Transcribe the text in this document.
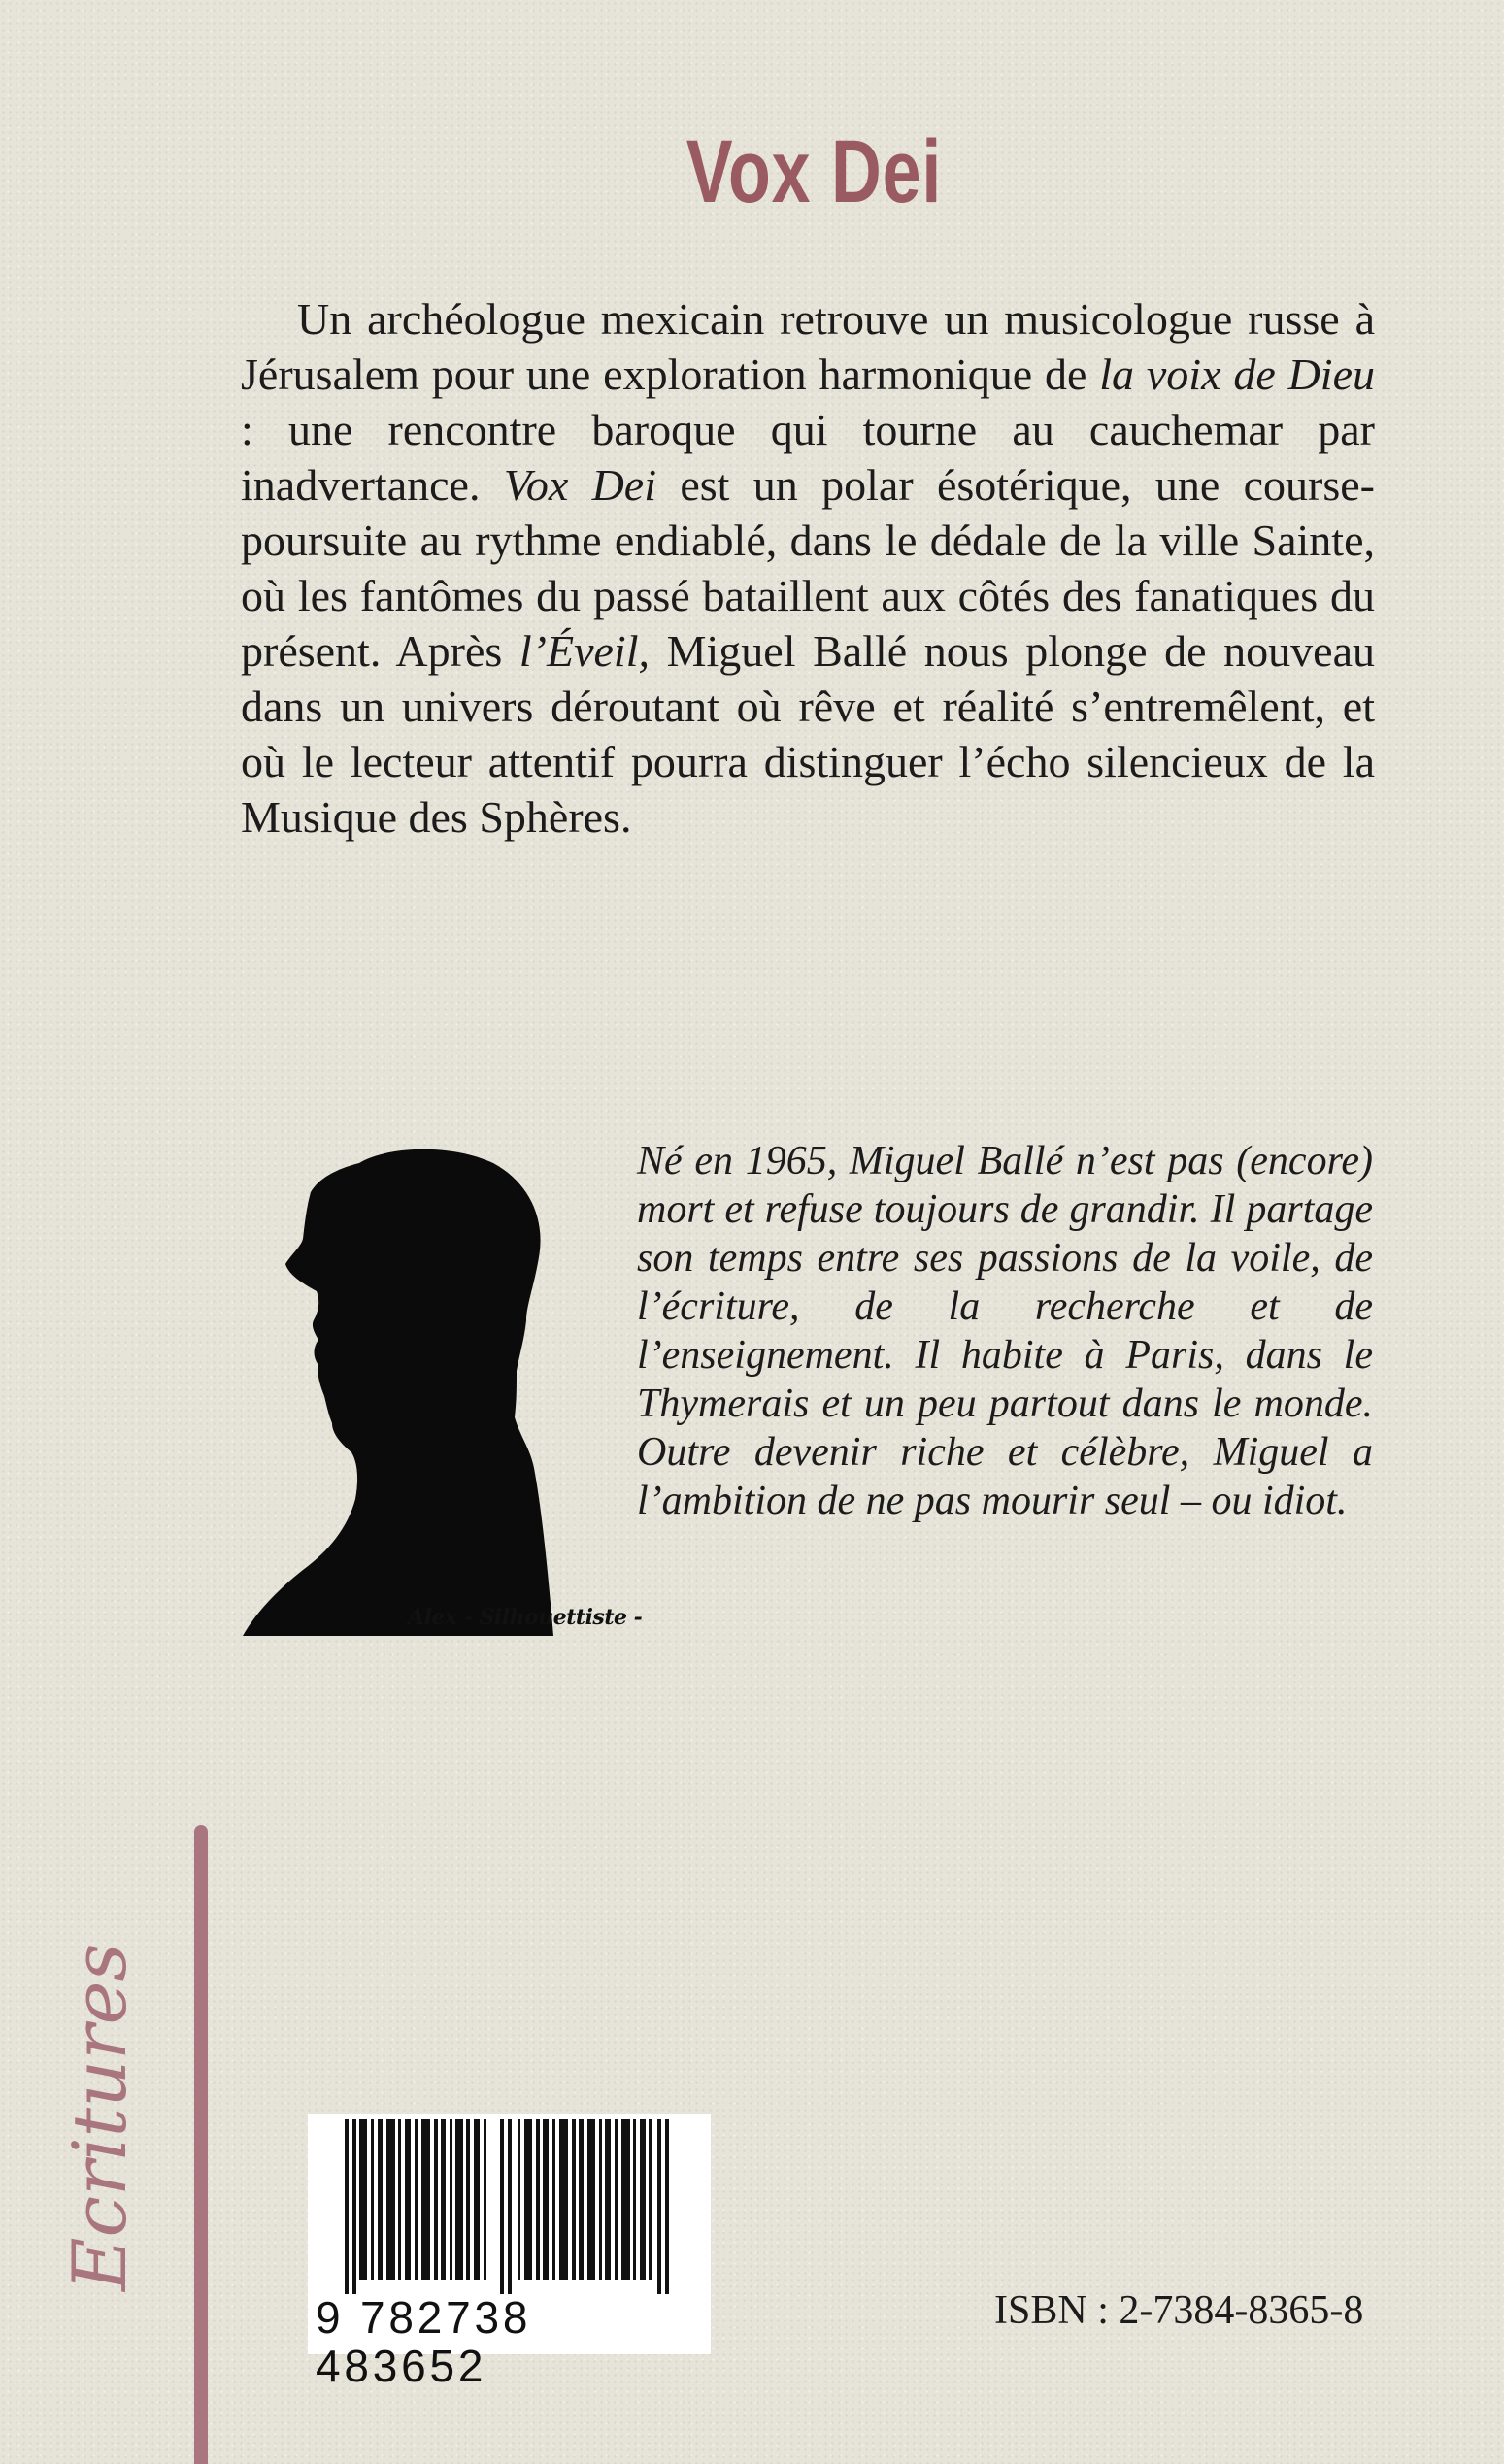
Vox Dei

Un archéologue mexicain retrouve un musicologue russe à Jérusalem pour une exploration harmonique de la voix de Dieu : une rencontre baroque qui tourne au cauchemar par inadvertance. Vox Dei est un polar ésotérique, une course-poursuite au rythme endiablé, dans le dédale de la ville Sainte, où les fantômes du passé bataillent aux côtés des fanatiques du présent. Après l’Éveil, Miguel Ballé nous plonge de nouveau dans un univers déroutant où rêve et réalité s’entremêlent, et où le lecteur attentif pourra distinguer l’écho silencieux de la Musique des Sphères.

Alex - Silhouettiste -

Né en 1965, Miguel Ballé n’est pas (encore) mort et refuse toujours de grandir. Il partage son temps entre ses passions de la voile, de l’écriture, de la recherche et de l’enseignement. Il habite à Paris, dans le Thymerais et un peu partout dans le monde. Outre devenir riche et célèbre, Miguel a l’ambition de ne pas mourir seul – ou idiot.

Ecritures
9 782738 483652
ISBN : 2-7384-8365-8
